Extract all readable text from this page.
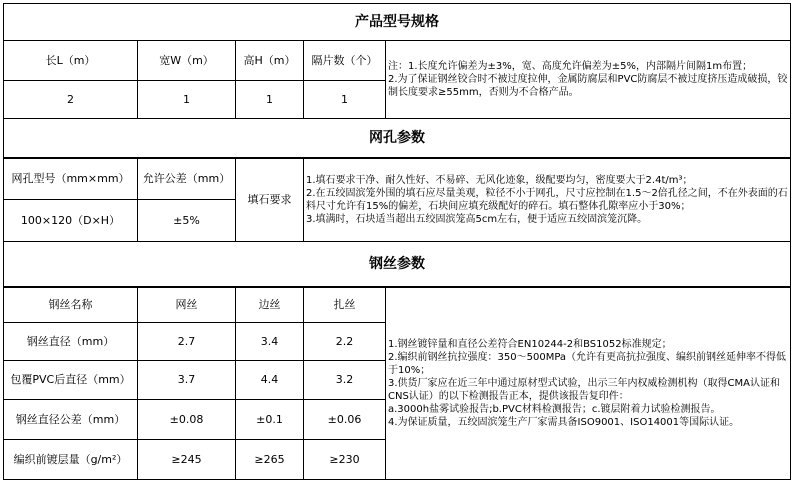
产品型号规格				
长L（m）	宽W（m）	高H（m）	隔片数（个）	注：1.长度允许偏差为±3%，宽、高度允许偏差为±5%，内部隔片间隔1m布置；
2.为了保证钢丝铰合时不被过度拉伸，金属防腐层和PVC防腐层不被过度挤压造成破损，铰制长度要求≥55mm，否则为不合格产品。

2	1	1	1	
网孔参数				
网孔型号（mm×mm）	允许公差（mm）	填石要求	1.填石要求干净、耐久性好、不易碎、无风化迹象，级配要均匀，密度要大于2.4t/m³；
2.在五绞固滨笼外围的填石应尽量美观，粒径不小于网孔，尺寸应控制在1.5～2倍孔径之间，不在外表面的石料尺寸允许有15%的偏差，石块间应填充级配好的碎石。填石整体孔隙率应小于30%；
3.填满时，石块适当超出五绞固滨笼高5cm左右，便于适应五绞固滨笼沉降。

100×120（D×H）	±5%		
钢丝参数			
钢丝名称	网丝	边丝	扎丝	1.钢丝镀锌量和直径公差符合EN10244-2和BS1052标准规定；
2.编织前钢丝抗拉强度：350～500MPa（允许有更高抗拉强度、编织前钢丝延伸率不得低于10%；
3.供货厂家应在近三年中通过原材型式试验，出示三年内权威检测机构（取得CMA认证和CNS认证）的以下检测报告正本，提供该报告复印件：
a.3000h盐雾试验报告;b.PVC材料检测报告；c.镀层附着力试验检测报告。
4.为保证质量，五绞固滨笼生产厂家需具备ISO9001、ISO14001等国际认证。

钢丝直径（mm）	2.7	3.4	2.2	
包覆PVC后直径（mm）	3.7	4.4	3.2	
钢丝直径公差（mm）	±0.08	±0.1	±0.06	
编织前镀层量（g/m²）	≥245	≥265	≥230	
